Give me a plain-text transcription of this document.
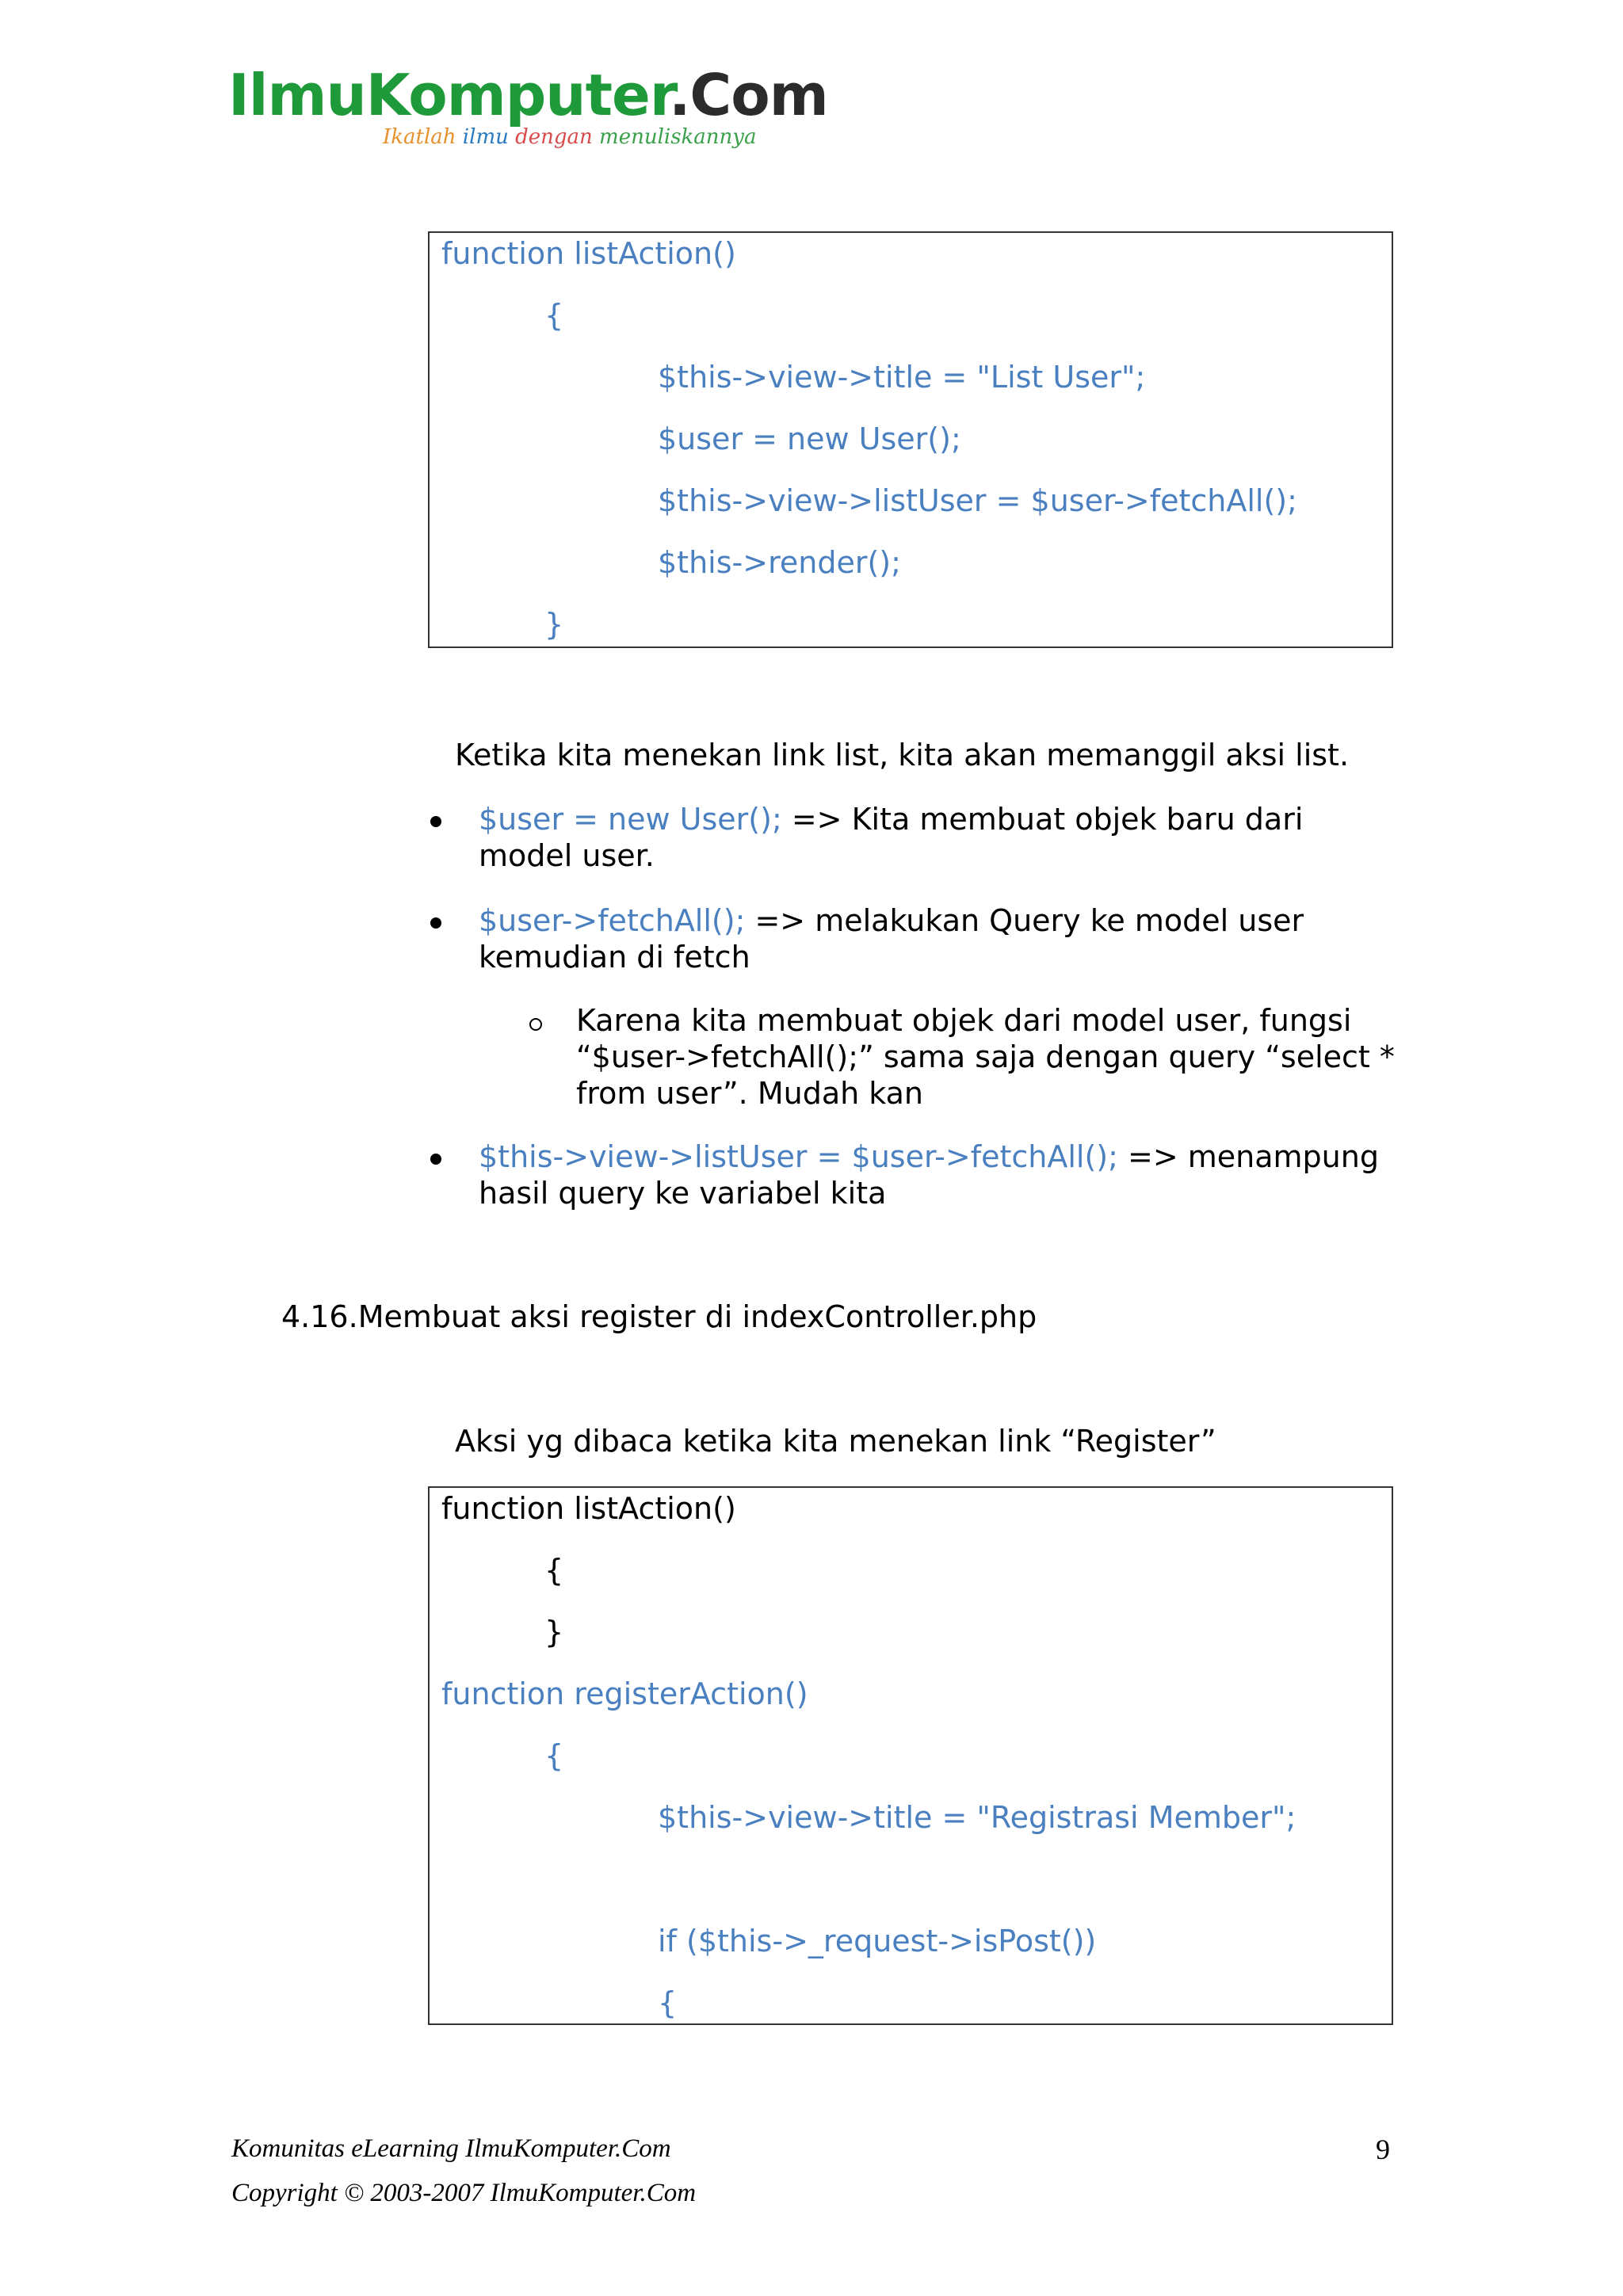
IlmuKomputer.Com
Ikatlah ilmu dengan menuliskannya
function listAction()
{
$this->view->title = "List User";
$user = new User();
$this->view->listUser = $user->fetchAll();
$this->render();
}
Ketika kita menekan link list, kita akan memanggil aksi list.
$user = new User(); => Kita membuat objek baru dari
model user.
$user->fetchAll(); => melakukan Query ke model user
kemudian di fetch
Karena kita membuat objek dari model user, fungsi
“$user->fetchAll();” sama saja dengan query “select *
from user”. Mudah kan
$this->view->listUser = $user->fetchAll(); => menampung
hasil query ke variabel kita
4.16.Membuat aksi register di indexController.php
Aksi yg dibaca ketika kita menekan link “Register”
function listAction()
{
}
function registerAction()
{
$this->view->title = "Registrasi Member";
if ($this->_request->isPost())
{
Komunitas eLearning IlmuKomputer.Com
Copyright © 2003-2007 IlmuKomputer.Com
9
